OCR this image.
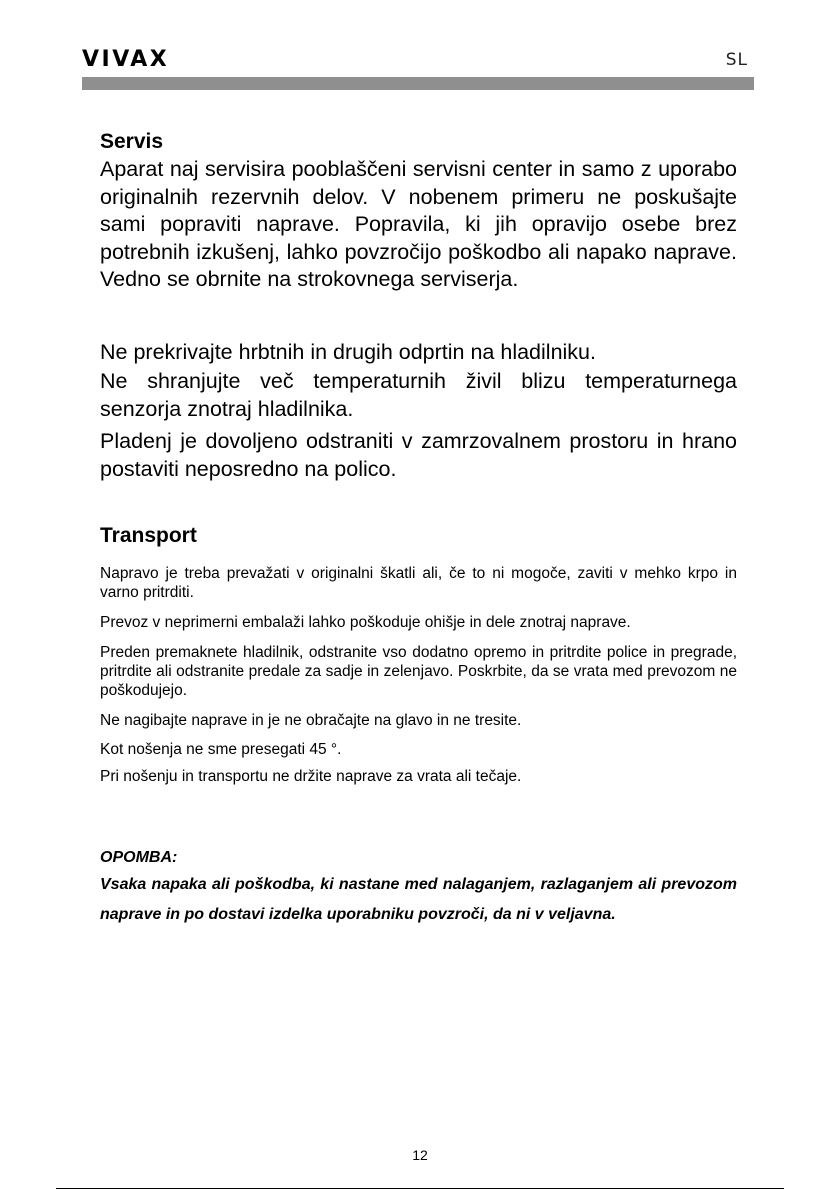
VIVAX	SL
Servis

Aparat naj servisira pooblaščeni servisni center in samo z uporabo originalnih rezervnih delov. V nobenem primeru ne poskušajte sami popraviti naprave. Popravila, ki jih opravijo osebe brez potrebnih izkušenj, lahko povzročijo poškodbo ali napako naprave. Vedno se obrnite na strokovnega serviserja.

Ne prekrivajte hrbtnih in drugih odprtin na hladilniku.

Ne shranjujte več temperaturnih živil blizu temperaturnega senzorja znotraj hladilnika.

Pladenj je dovoljeno odstraniti v zamrzovalnem prostoru in hrano postaviti neposredno na polico.

Transport

Napravo je treba prevažati v originalni škatli ali, če to ni mogoče, zaviti v mehko krpo in varno pritrditi.

Prevoz v neprimerni embalaži lahko poškoduje ohišje in dele znotraj naprave.

Preden premaknete hladilnik, odstranite vso dodatno opremo in pritrdite police in pregrade, pritrdite ali odstranite predale za sadje in zelenjavo. Poskrbite, da se vrata med prevozom ne poškodujejo.

Ne nagibajte naprave in je ne obračajte na glavo in ne tresite.

Kot nošenja ne sme presegati 45 °.

Pri nošenju in transportu ne držite naprave za vrata ali tečaje.

OPOMBA:

Vsaka napaka ali poškodba, ki nastane med nalaganjem, razlaganjem ali prevozom naprave in po dostavi izdelka uporabniku povzroči, da ni v veljavna.

12
